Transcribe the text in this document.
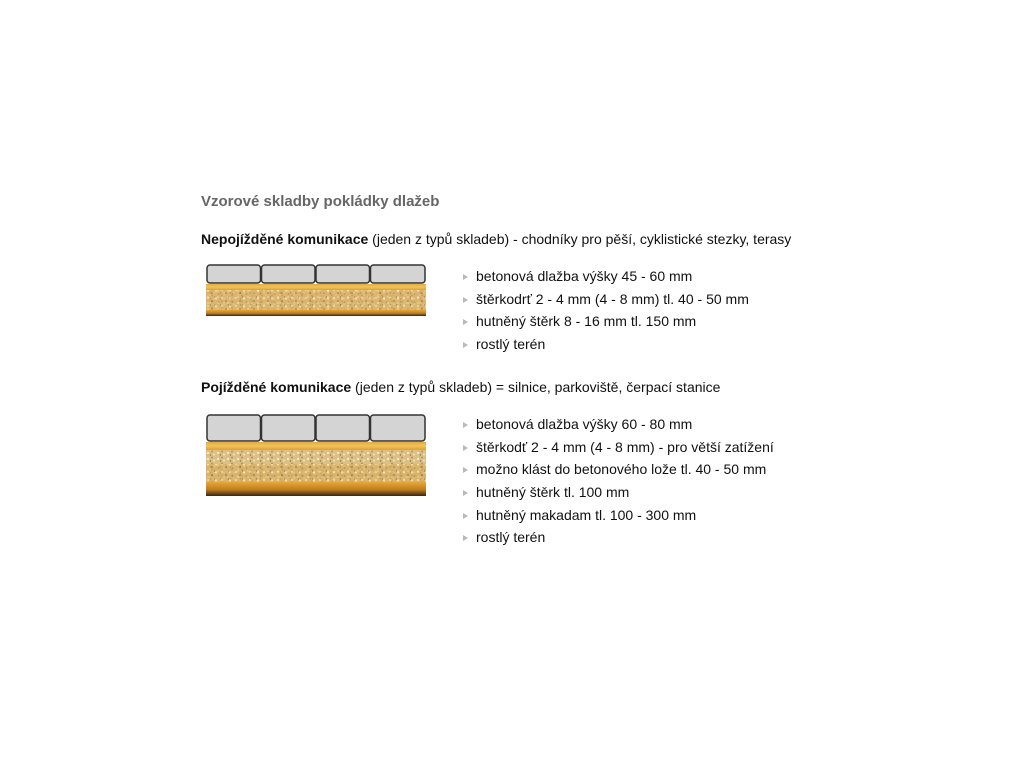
Vzorové skladby pokládky dlažeb

Nepojížděné komunikace (jeden z typů skladeb) - chodníky pro pěší, cyklistické stezky, terasy

betonová dlažba výšky 45 - 60 mm
štěrkodrť 2 - 4 mm (4 - 8 mm) tl. 40 - 50 mm
hutněný štěrk 8 - 16 mm tl. 150 mm
rostlý terén

Pojížděné komunikace (jeden z typů skladeb) = silnice, parkoviště, čerpací stanice

betonová dlažba výšky 60 - 80 mm
štěrkodť 2 - 4 mm (4 - 8 mm) - pro větší zatížení
možno klást do betonového lože tl. 40 - 50 mm
hutněný štěrk tl. 100 mm
hutněný makadam tl. 100 - 300 mm
rostlý terén
